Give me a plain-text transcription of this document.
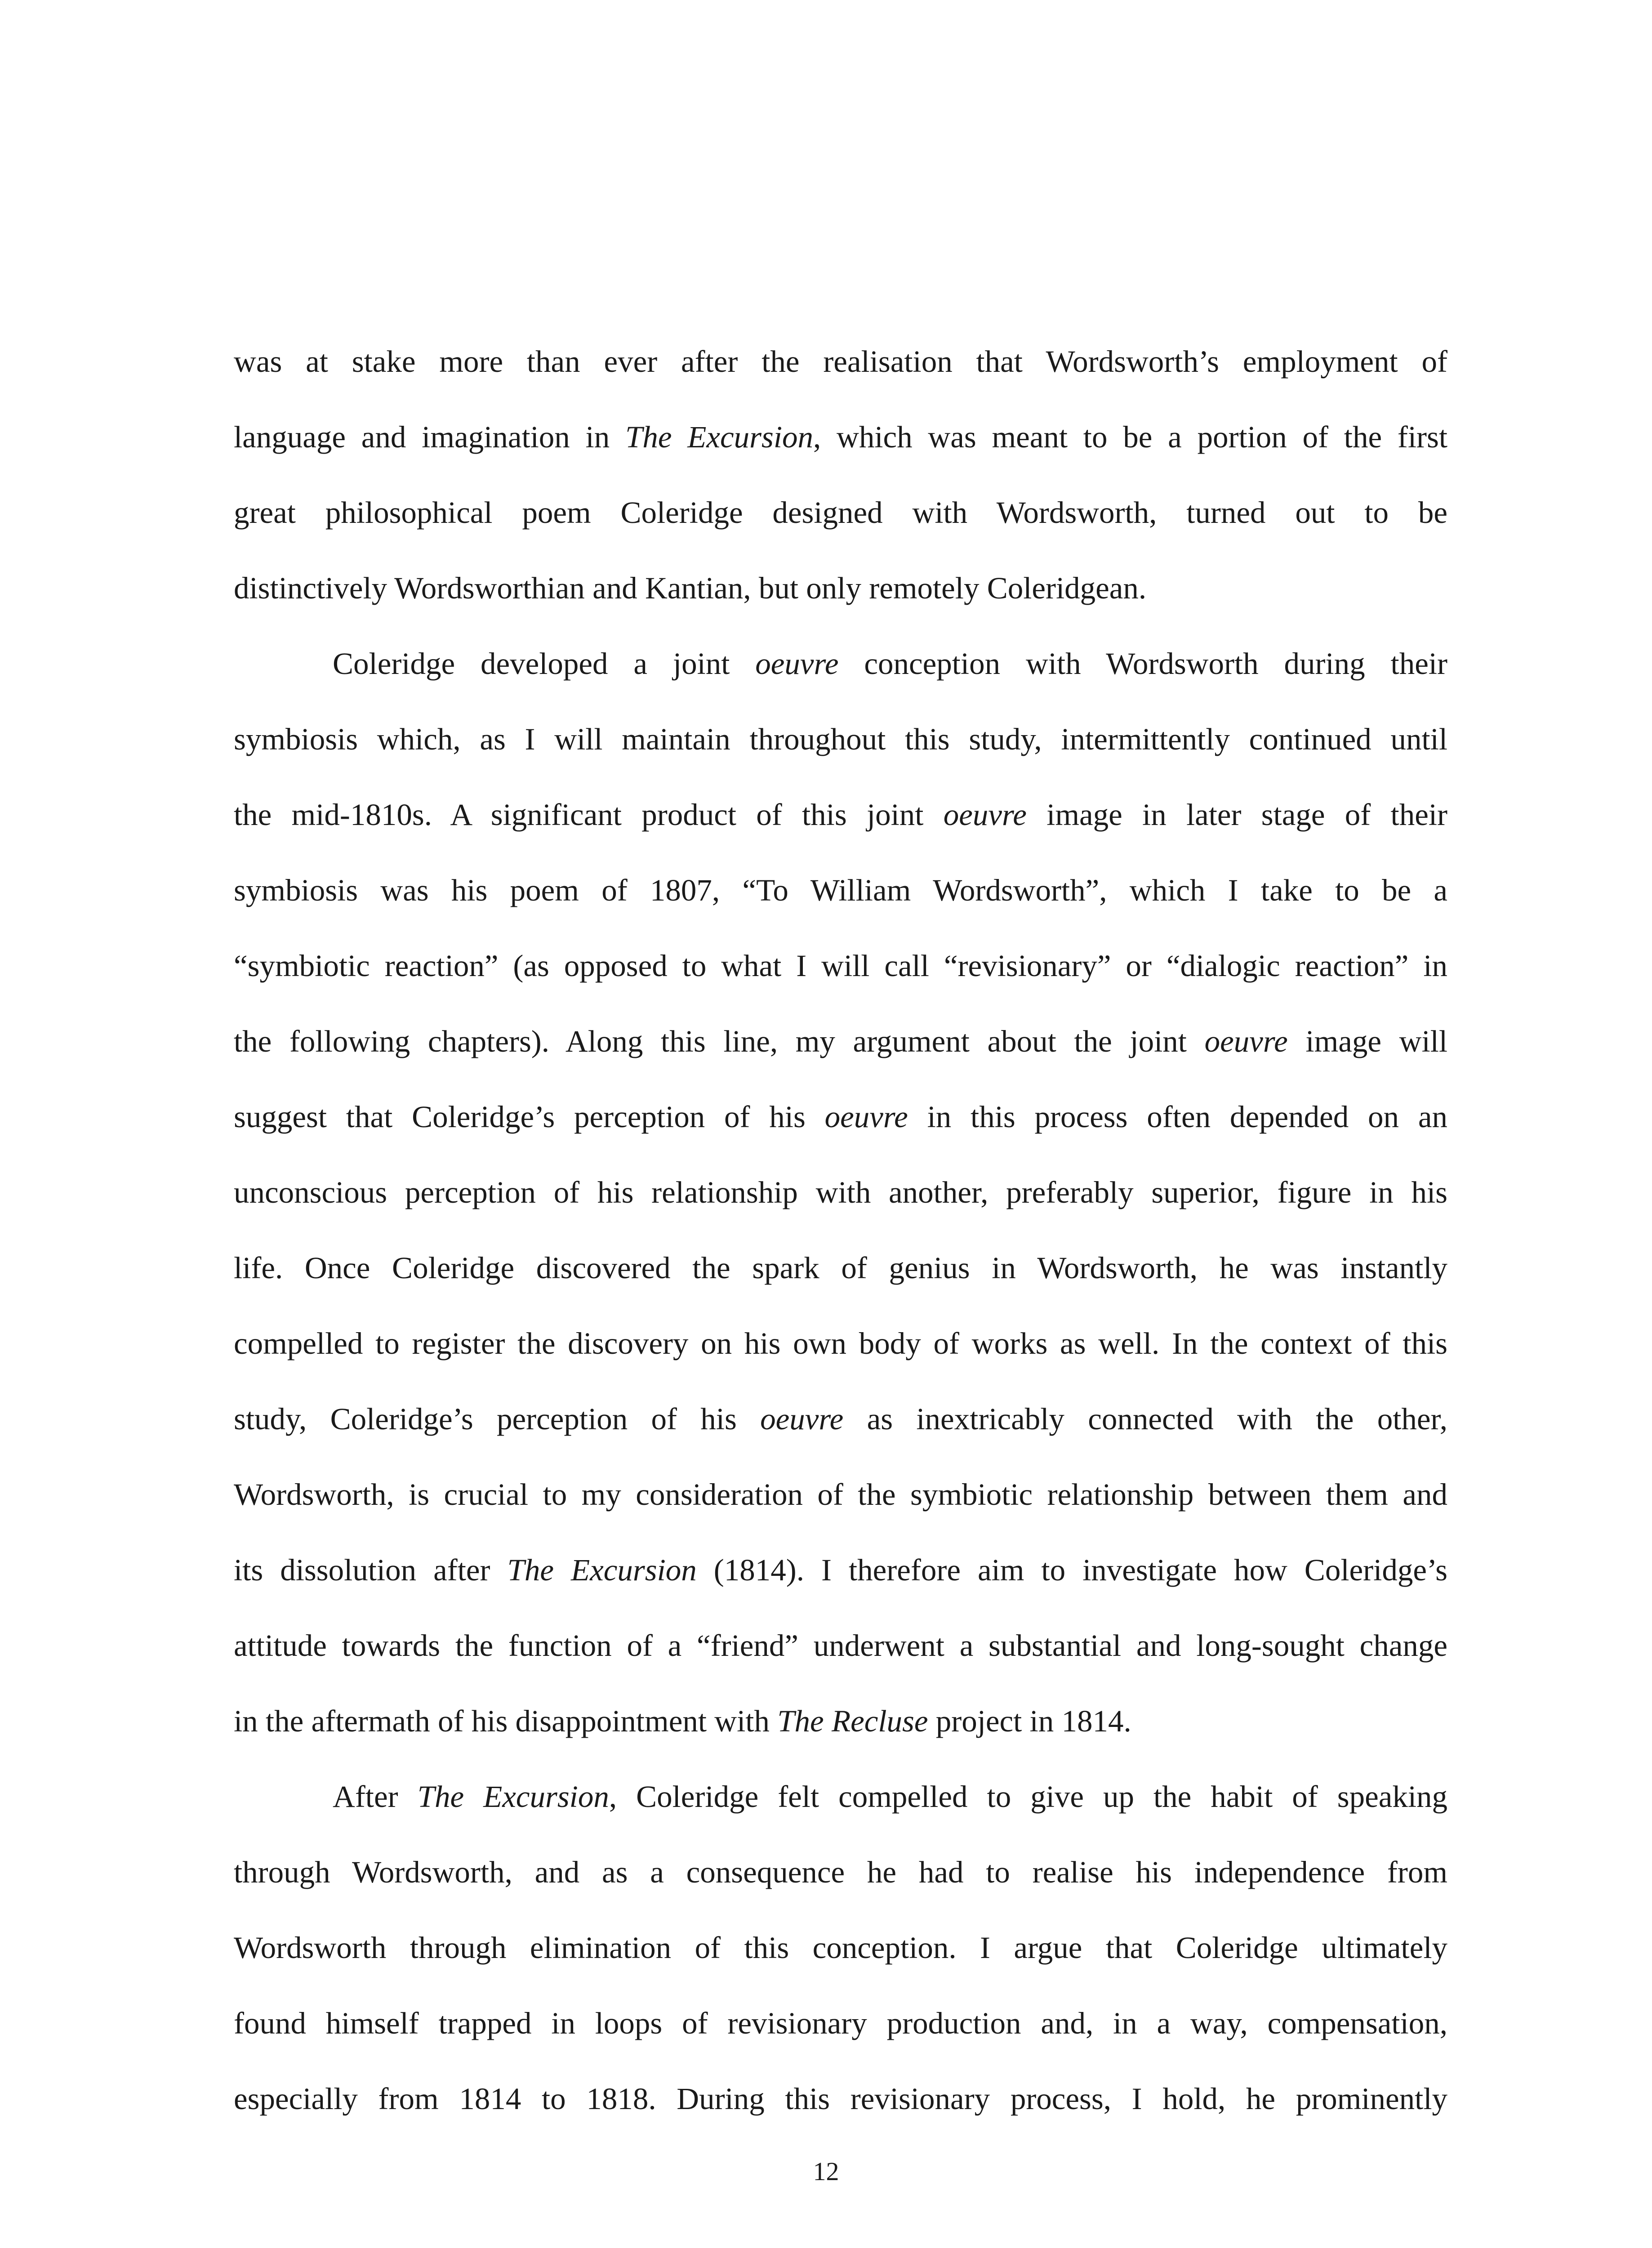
was at stake more than ever after the realisation that Wordsworth’s employment of
language and imagination in The Excursion, which was meant to be a portion of the first
great philosophical poem Coleridge designed with Wordsworth, turned out to be
distinctively Wordsworthian and Kantian, but only remotely Coleridgean.
Coleridge developed a joint oeuvre conception with Wordsworth during their
symbiosis which, as I will maintain throughout this study, intermittently continued until
the mid-1810s. A significant product of this joint oeuvre image in later stage of their
symbiosis was his poem of 1807, “To William Wordsworth”, which I take to be a
“symbiotic reaction” (as opposed to what I will call “revisionary” or “dialogic reaction” in
the following chapters). Along this line, my argument about the joint oeuvre image will
suggest that Coleridge’s perception of his oeuvre in this process often depended on an
unconscious perception of his relationship with another, preferably superior, figure in his
life. Once Coleridge discovered the spark of genius in Wordsworth, he was instantly
compelled to register the discovery on his own body of works as well. In the context of this
study, Coleridge’s perception of his oeuvre as inextricably connected with the other,
Wordsworth, is crucial to my consideration of the symbiotic relationship between them and
its dissolution after The Excursion (1814). I therefore aim to investigate how Coleridge’s
attitude towards the function of a “friend” underwent a substantial and long-sought change
in the aftermath of his disappointment with The Recluse project in 1814.
After The Excursion, Coleridge felt compelled to give up the habit of speaking
through Wordsworth, and as a consequence he had to realise his independence from
Wordsworth through elimination of this conception. I argue that Coleridge ultimately
found himself trapped in loops of revisionary production and, in a way, compensation,
especially from 1814 to 1818. During this revisionary process, I hold, he prominently
12
